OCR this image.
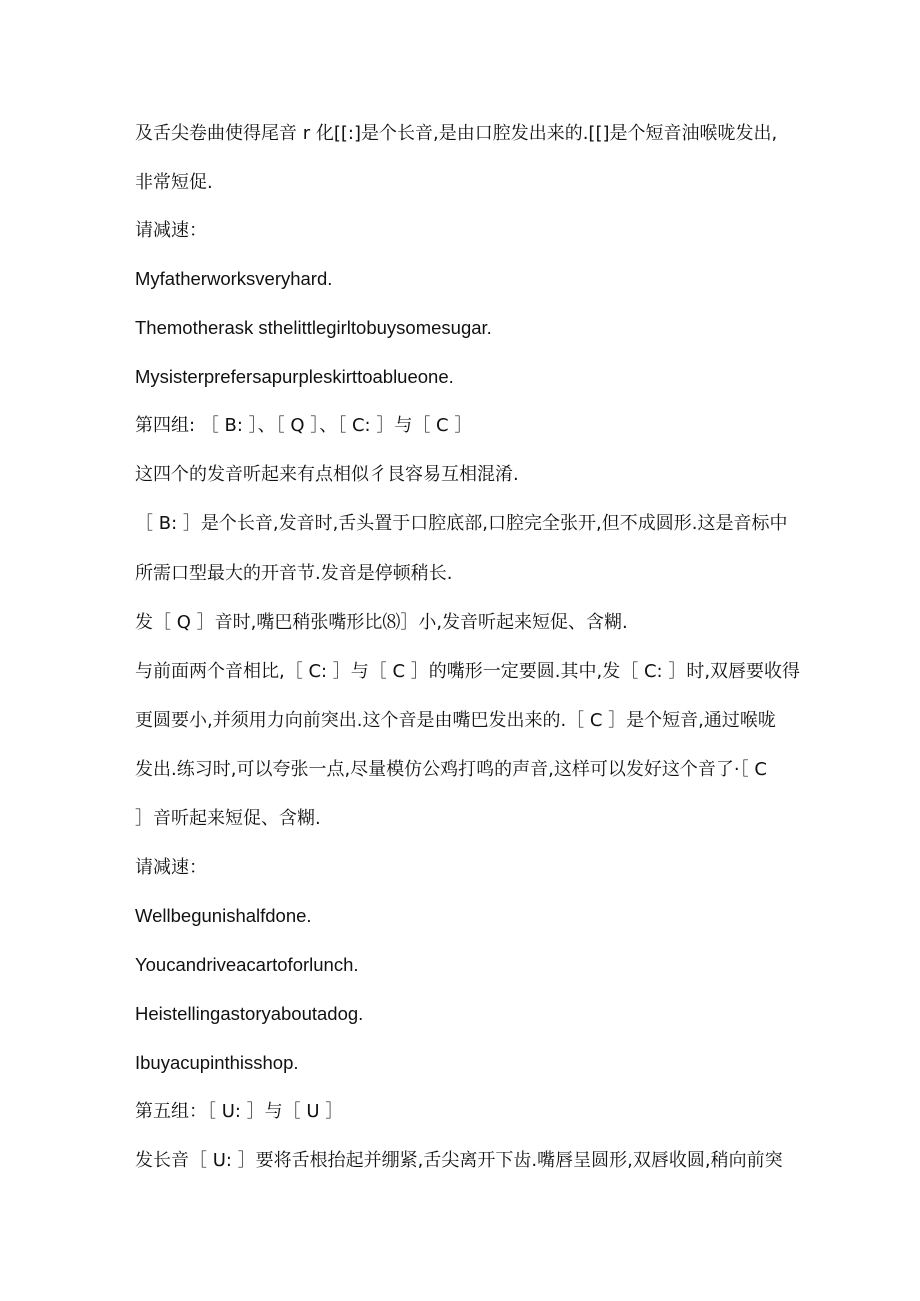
及舌尖卷曲使得尾音 r 化[[:]是个长音,是由口腔发出来的.[[]是个短音油喉咙发出,
非常短促.
请减速：
Myfatherworksveryhard.
Themotherask sthelittlegirltobuysomesugar.
Mysisterprefersapurpleskirttoablueone.
第四组: ［ B: ］、［ Q ］、［ C: ］与［ C ］
这四个的发音听起来有点相似彳艮容易互相混淆.
［ B: ］是个长音,发音时,舌头置于口腔底部,口腔完全张开,但不成圆形.这是音标中
所需口型最大的开音节.发音是停顿稍长.
发［ Q ］音时,嘴巴稍张嘴形比⑻］小,发音听起来短促、含糊.
与前面两个音相比,［ C: ］与［ C ］的嘴形一定要圆.其中,发［ C: ］时,双唇要收得
更圆要小,并须用力向前突出.这个音是由嘴巴发出来的.［ C ］是个短音,通过喉咙
发出.练习时,可以夸张一点,尽量模仿公鸡打鸣的声音,这样可以发好这个音了·［ C
］音听起来短促、含糊.
请减速：
Wellbegunishalfdone.
Youcandriveacartoforlunch.
Heistellingastoryaboutadog.
Ibuyacupinthisshop.
第五组：［ U: ］与［ U ］
发长音［ U: ］要将舌根抬起并绷紧,舌尖离开下齿.嘴唇呈圆形,双唇收圆,稍向前突
